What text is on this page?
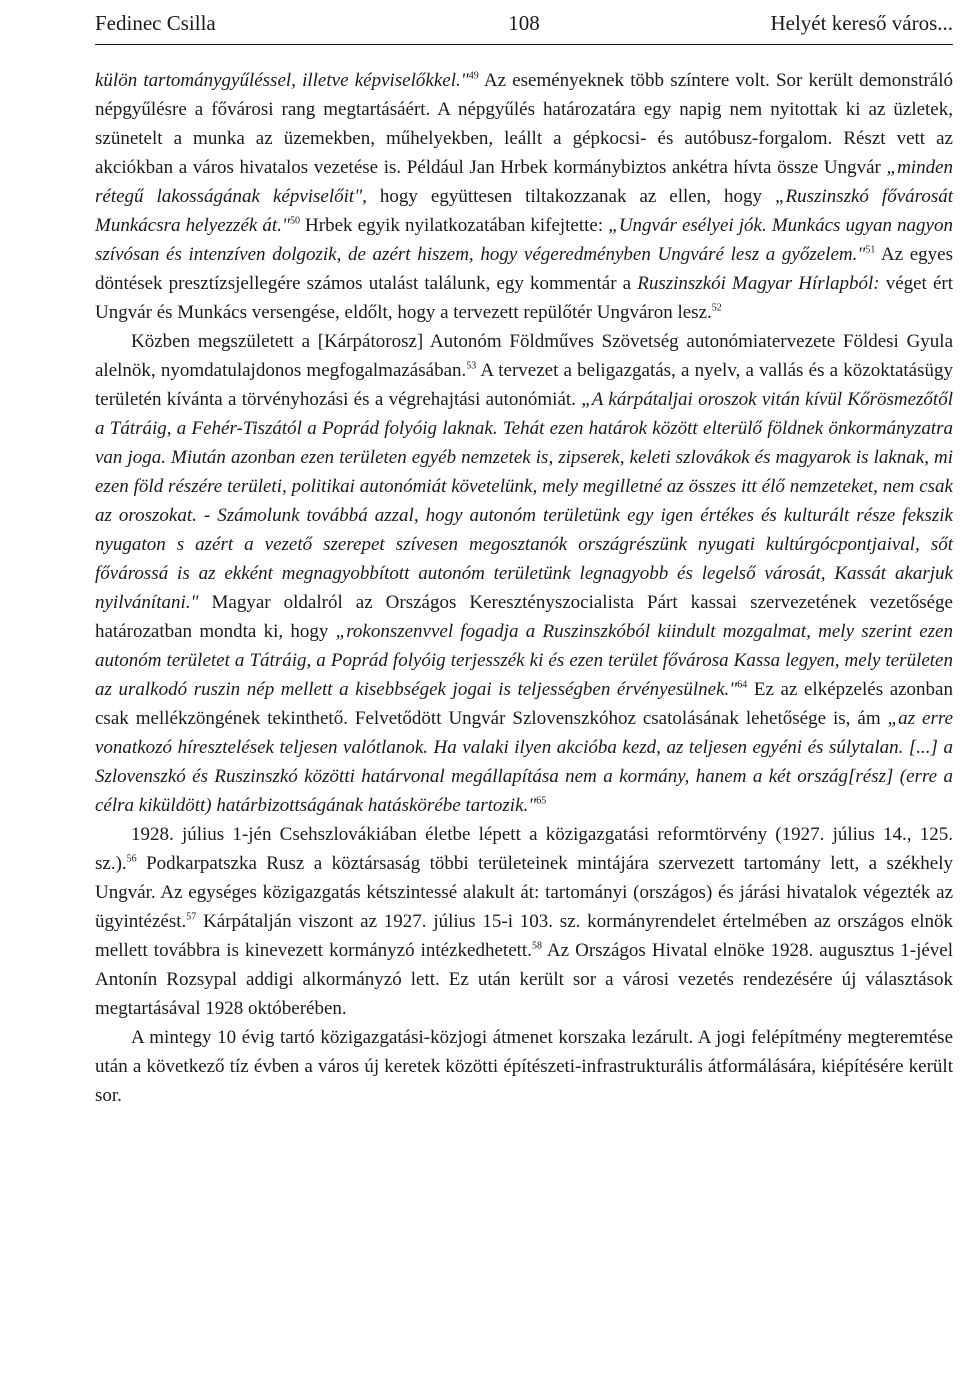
108
Fedinec Csilla	Helyét kereső város...

külön tartománygyűléssel, illetve képviselőkkel."$^{49}$ Az eseményeknek több színtere volt. Sor került demonstráló népgyűlésre a fővárosi rang megtartásáért. A népgyűlés határozatára egy napig nem nyitottak ki az üzletek, szünetelt a munka az üzemekben, műhelyekben, leállt a gépkocsi- és autóbusz-forgalom. Részt vett az akciókban a város hivatalos vezetése is. Például Jan Hrbek kormánybiztos ankétra hívta össze Ungvár „minden rétegű lakosságának képviselőit", hogy együttesen tiltakozzanak az ellen, hogy „Ruszinszkó fővárosát Munkácsra helyezzék át."$^{50}$ Hrbek egyik nyilatkozatában kifejtette: „Ungvár esélyei jók. Munkács ugyan nagyon szívósan és intenzíven dolgozik, de azért hiszem, hogy végeredményben Ungváré lesz a győzelem."$^{51}$ Az egyes döntések presztízsjellegére számos utalást találunk, egy kommentár a Ruszinszkói Magyar Hírlapból: véget ért Ungvár és Munkács versengése, eldőlt, hogy a tervezett repülőtér Ungváron lesz.$^{52}$

Közben megszületett a [Kárpátorosz] Autonóm Földműves Szövetség autonómiatervezete Földesi Gyula alelnök, nyomdatulajdonos megfogalmazásában.$^{53}$ A tervezet a beligazgatás, a nyelv, a vallás és a közoktatásügy területén kívánta a törvényhozási és a végrehajtási autonómiát. „A kárpátaljai oroszok vitán kívül Kőrösmezőtől a Tátráig, a Fehér-Tiszától a Poprád folyóig laknak. Tehát ezen határok között elterülő földnek önkormányzatra van joga. Miután azonban ezen területen egyéb nemzetek is, zipserek, keleti szlovákok és magyarok is laknak, mi ezen föld részére területi, politikai autonómiát követelünk, mely megilletné az összes itt élő nemzeteket, nem csak az oroszokat. - Számolunk továbbá azzal, hogy autonóm területünk egy igen értékes és kulturált része fekszik nyugaton s azért a vezető szerepet szívesen megosztanók országrészünk nyugati kultúrgócpontjaival, sőt fővárossá is az ekként megnagyobbított autonóm területünk legnagyobb és legelső városát, Kassát akarjuk nyilvánítani." Magyar oldalról az Országos Keresztényszocialista Párt kassai szervezetének vezetősége határozatban mondta ki, hogy „rokonszenvvel fogadja a Ruszinszkóból kiindult mozgalmat, mely szerint ezen autonóm területet a Tátráig, a Poprád folyóig terjesszék ki és ezen terület fővárosa Kassa legyen, mely területen az uralkodó ruszin nép mellett a kisebbségek jogai is teljességben érvényesülnek."$^{64}$ Ez az elképzelés azonban csak mellékzöngének tekinthető. Felvetődött Ungvár Szlovenszkóhoz csatolásának lehetősége is, ám „az erre vonatkozó híresztelések teljesen valótlanok. Ha valaki ilyen akcióba kezd, az teljesen egyéni és súlytalan. [...] a Szlovenszkó és Ruszinszkó közötti határvonal megállapítása nem a kormány, hanem a két ország[rész] (erre a célra kiküldött) határbizottságának hatáskörébe tartozik."$^{65}$

1928. július 1-jén Csehszlovákiában életbe lépett a közigazgatási reformtörvény (1927. július 14., 125. sz.).$^{56}$ Podkarpatszka Rusz a köztársaság többi területeinek mintájára szervezett tartomány lett, a székhely Ungvár. Az egységes közigazgatás kétszintessé alakult át: tartományi (országos) és járási hivatalok végezték az ügyintézést.$^{57}$ Kárpátalján viszont az 1927. július 15-i 103. sz. kormányrendelet értelmében az országos elnök mellett továbbra is kinevezett kormányzó intézkedhetett.$^{58}$ Az Országos Hivatal elnöke 1928. augusztus 1-jével Antonín Rozsypal addigi alkormányzó lett. Ez után került sor a városi vezetés rendezésére új választások megtartásával 1928 októberében.

A mintegy 10 évig tartó közigazgatási-közjogi átmenet korszaka lezárult. A jogi felépítmény megteremtése után a következő tíz évben a város új keretek közötti építészeti-infrastrukturális átformálására, kiépítésére került sor.
